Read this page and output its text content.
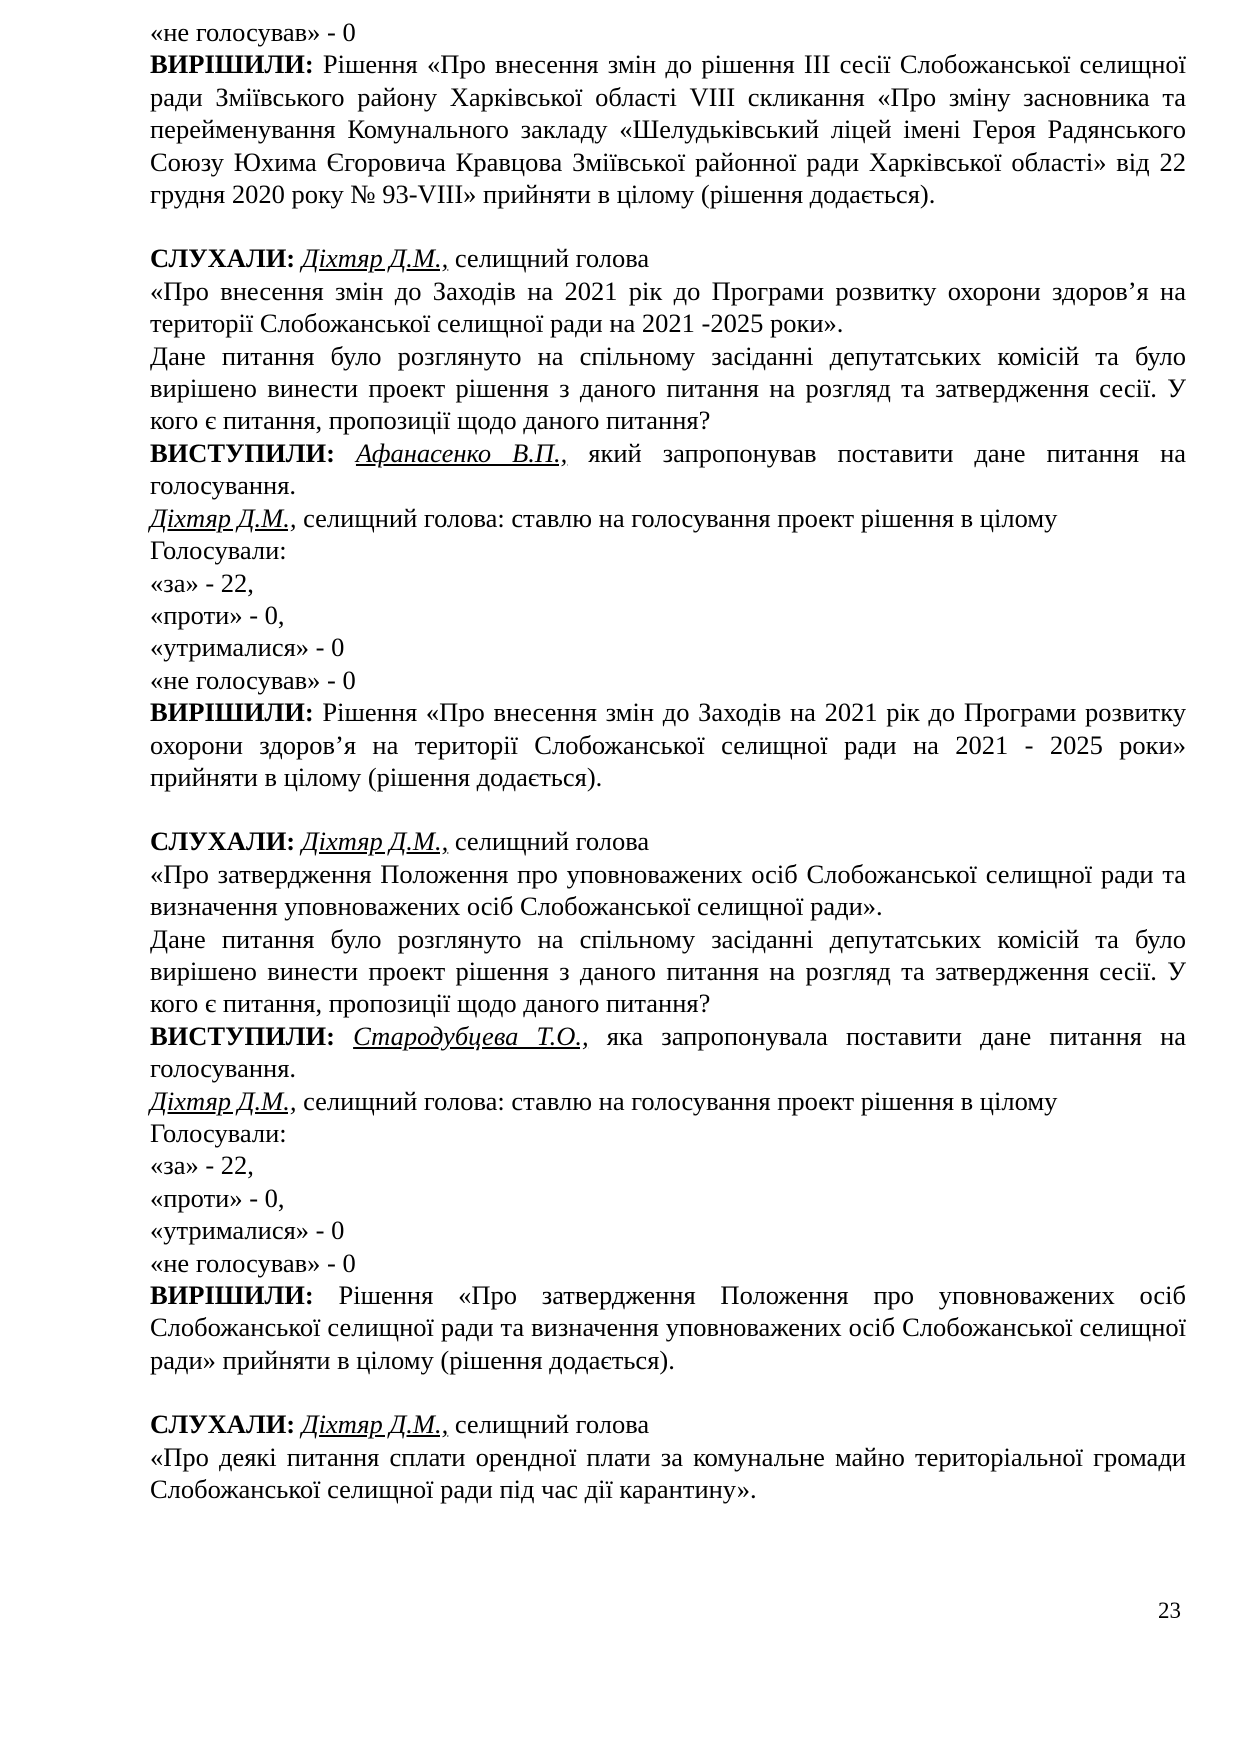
«не голосував» - 0

ВИРІШИЛИ: Рішення «Про внесення змін до рішення ІІІ сесії Слобожанської селищної ради Зміївського району Харківської області VIII скликання «Про зміну засновника та перейменування Комунального закладу «Шелудьківський ліцей імені Героя Радянського Союзу Юхима Єгоровича Кравцова Зміївської районної ради Харківської області» від 22 грудня 2020 року № 93-VIII» прийняти в цілому (рішення додається).

СЛУХАЛИ: Діхтяр Д.М., селищний голова

«Про внесення змін до Заходів на 2021 рік до Програми розвитку охорони здоров’я на території Слобожанської селищної ради на 2021 -2025 роки».

Дане питання було розглянуто на спільному засіданні депутатських комісій та було вирішено винести проект рішення з даного питання на розгляд та затвердження сесії. У кого є питання, пропозиції щодо даного питання?

ВИСТУПИЛИ: Афанасенко В.П., який запропонував поставити дане питання на голосування.

Діхтяр Д.М., селищний голова: ставлю на голосування проект рішення в цілому

Голосували:

«за» - 22,

«проти» - 0,

«утрималися» - 0

«не голосував» - 0

ВИРІШИЛИ: Рішення «Про внесення змін до Заходів на 2021 рік до Програми розвитку охорони здоров’я на території Слобожанської селищної ради на 2021 - 2025 роки» прийняти в цілому (рішення додається).

СЛУХАЛИ: Діхтяр Д.М., селищний голова

«Про затвердження Положення про уповноважених осіб Слобожанської селищної ради та визначення уповноважених осіб Слобожанської селищної ради».

Дане питання було розглянуто на спільному засіданні депутатських комісій та було вирішено винести проект рішення з даного питання на розгляд та затвердження сесії. У кого є питання, пропозиції щодо даного питання?

ВИСТУПИЛИ: Стародубцева Т.О., яка запропонувала поставити дане питання на голосування.

Діхтяр Д.М., селищний голова: ставлю на голосування проект рішення в цілому

Голосували:

«за» - 22,

«проти» - 0,

«утрималися» - 0

«не голосував» - 0

ВИРІШИЛИ: Рішення «Про затвердження Положення про уповноважених осіб Слобожанської селищної ради та визначення уповноважених осіб Слобожанської селищної ради» прийняти в цілому (рішення додається).

СЛУХАЛИ: Діхтяр Д.М., селищний голова

«Про деякі питання сплати орендної плати за комунальне майно територіальної громади Слобожанської селищної ради під час дії карантину».

23
